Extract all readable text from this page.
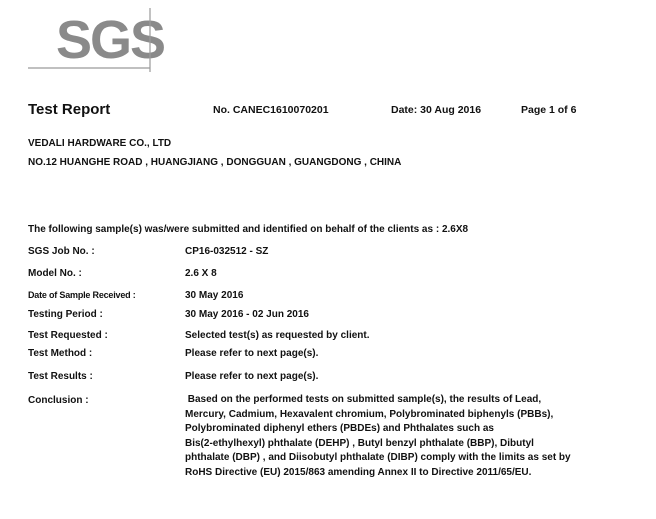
SGS
Test Report	No. CANEC1610070201	Date: 30 Aug 2016	Page 1 of 6
VEDALI HARDWARE CO., LTD
NO.12 HUANGHE ROAD , HUANGJIANG , DONGGUAN , GUANGDONG , CHINA
The following sample(s) was/were submitted and identified on behalf of the clients as : 2.6X8
SGS Job No. :	CP16-032512 - SZ
Model No. :	2.6 X 8
Date of Sample Received :	30 May 2016
Testing Period :	30 May 2016 - 02 Jun 2016
Test Requested :	Selected test(s) as requested by client.
Test Method :	Please refer to next page(s).
Test Results :	Please refer to next page(s).
Conclusion :	Based on the performed tests on submitted sample(s), the results of Lead,
Mercury, Cadmium, Hexavalent chromium, Polybrominated biphenyls (PBBs),
Polybrominated diphenyl ethers (PBDEs) and Phthalates such as
Bis(2-ethylhexyl) phthalate (DEHP) , Butyl benzyl phthalate (BBP), Dibutyl
phthalate (DBP) , and Diisobutyl phthalate (DIBP) comply with the limits as set by
RoHS Directive (EU) 2015/863 amending Annex II to Directive 2011/65/EU.
